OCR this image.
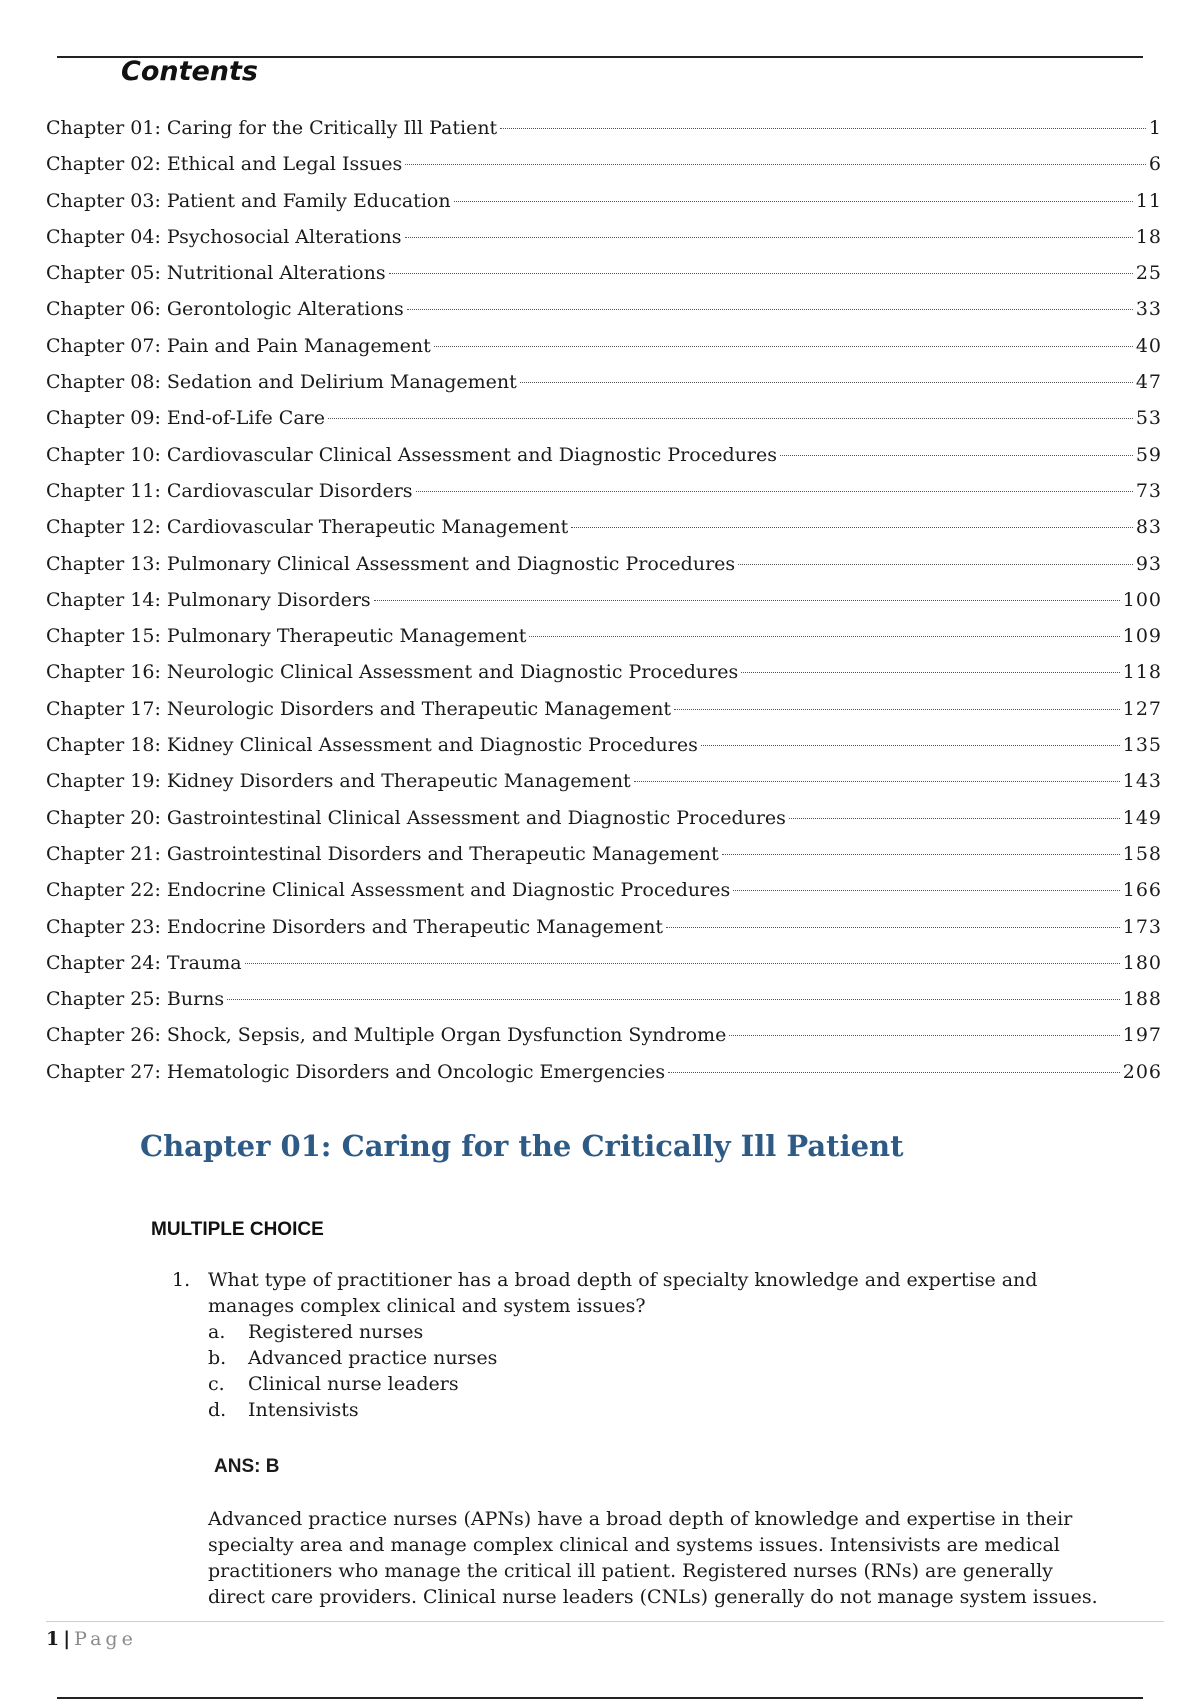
Contents
Chapter 01: Caring for the Critically Ill Patient	1
Chapter 02: Ethical and Legal Issues	6
Chapter 03: Patient and Family Education	11
Chapter 04: Psychosocial Alterations	18
Chapter 05: Nutritional Alterations	25
Chapter 06: Gerontologic Alterations	33
Chapter 07: Pain and Pain Management	40
Chapter 08: Sedation and Delirium Management	47
Chapter 09: End-of-Life Care	53
Chapter 10: Cardiovascular Clinical Assessment and Diagnostic Procedures	59
Chapter 11: Cardiovascular Disorders	73
Chapter 12: Cardiovascular Therapeutic Management	83
Chapter 13: Pulmonary Clinical Assessment and Diagnostic Procedures	93
Chapter 14: Pulmonary Disorders	100
Chapter 15: Pulmonary Therapeutic Management	109
Chapter 16: Neurologic Clinical Assessment and Diagnostic Procedures	118
Chapter 17: Neurologic Disorders and Therapeutic Management	127
Chapter 18: Kidney Clinical Assessment and Diagnostic Procedures	135
Chapter 19: Kidney Disorders and Therapeutic Management	143
Chapter 20: Gastrointestinal Clinical Assessment and Diagnostic Procedures	149
Chapter 21: Gastrointestinal Disorders and Therapeutic Management	158
Chapter 22: Endocrine Clinical Assessment and Diagnostic Procedures	166
Chapter 23: Endocrine Disorders and Therapeutic Management	173
Chapter 24: Trauma	180
Chapter 25: Burns	188
Chapter 26: Shock, Sepsis, and Multiple Organ Dysfunction Syndrome	197
Chapter 27: Hematologic Disorders and Oncologic Emergencies	206
Chapter 01: Caring for the Critically Ill Patient
MULTIPLE CHOICE
1. What type of practitioner has a broad depth of specialty knowledge and expertise and manages complex clinical and system issues?
a.	Registered nurses
b.	Advanced practice nurses
c.	Clinical nurse leaders
d.	Intensivists
ANS: B

Advanced practice nurses (APNs) have a broad depth of knowledge and expertise in their specialty area and manage complex clinical and systems issues. Intensivists are medical practitioners who manage the critical ill patient. Registered nurses (RNs) are generally direct care providers. Clinical nurse leaders (CNLs) generally do not manage system issues.

1 | Page
